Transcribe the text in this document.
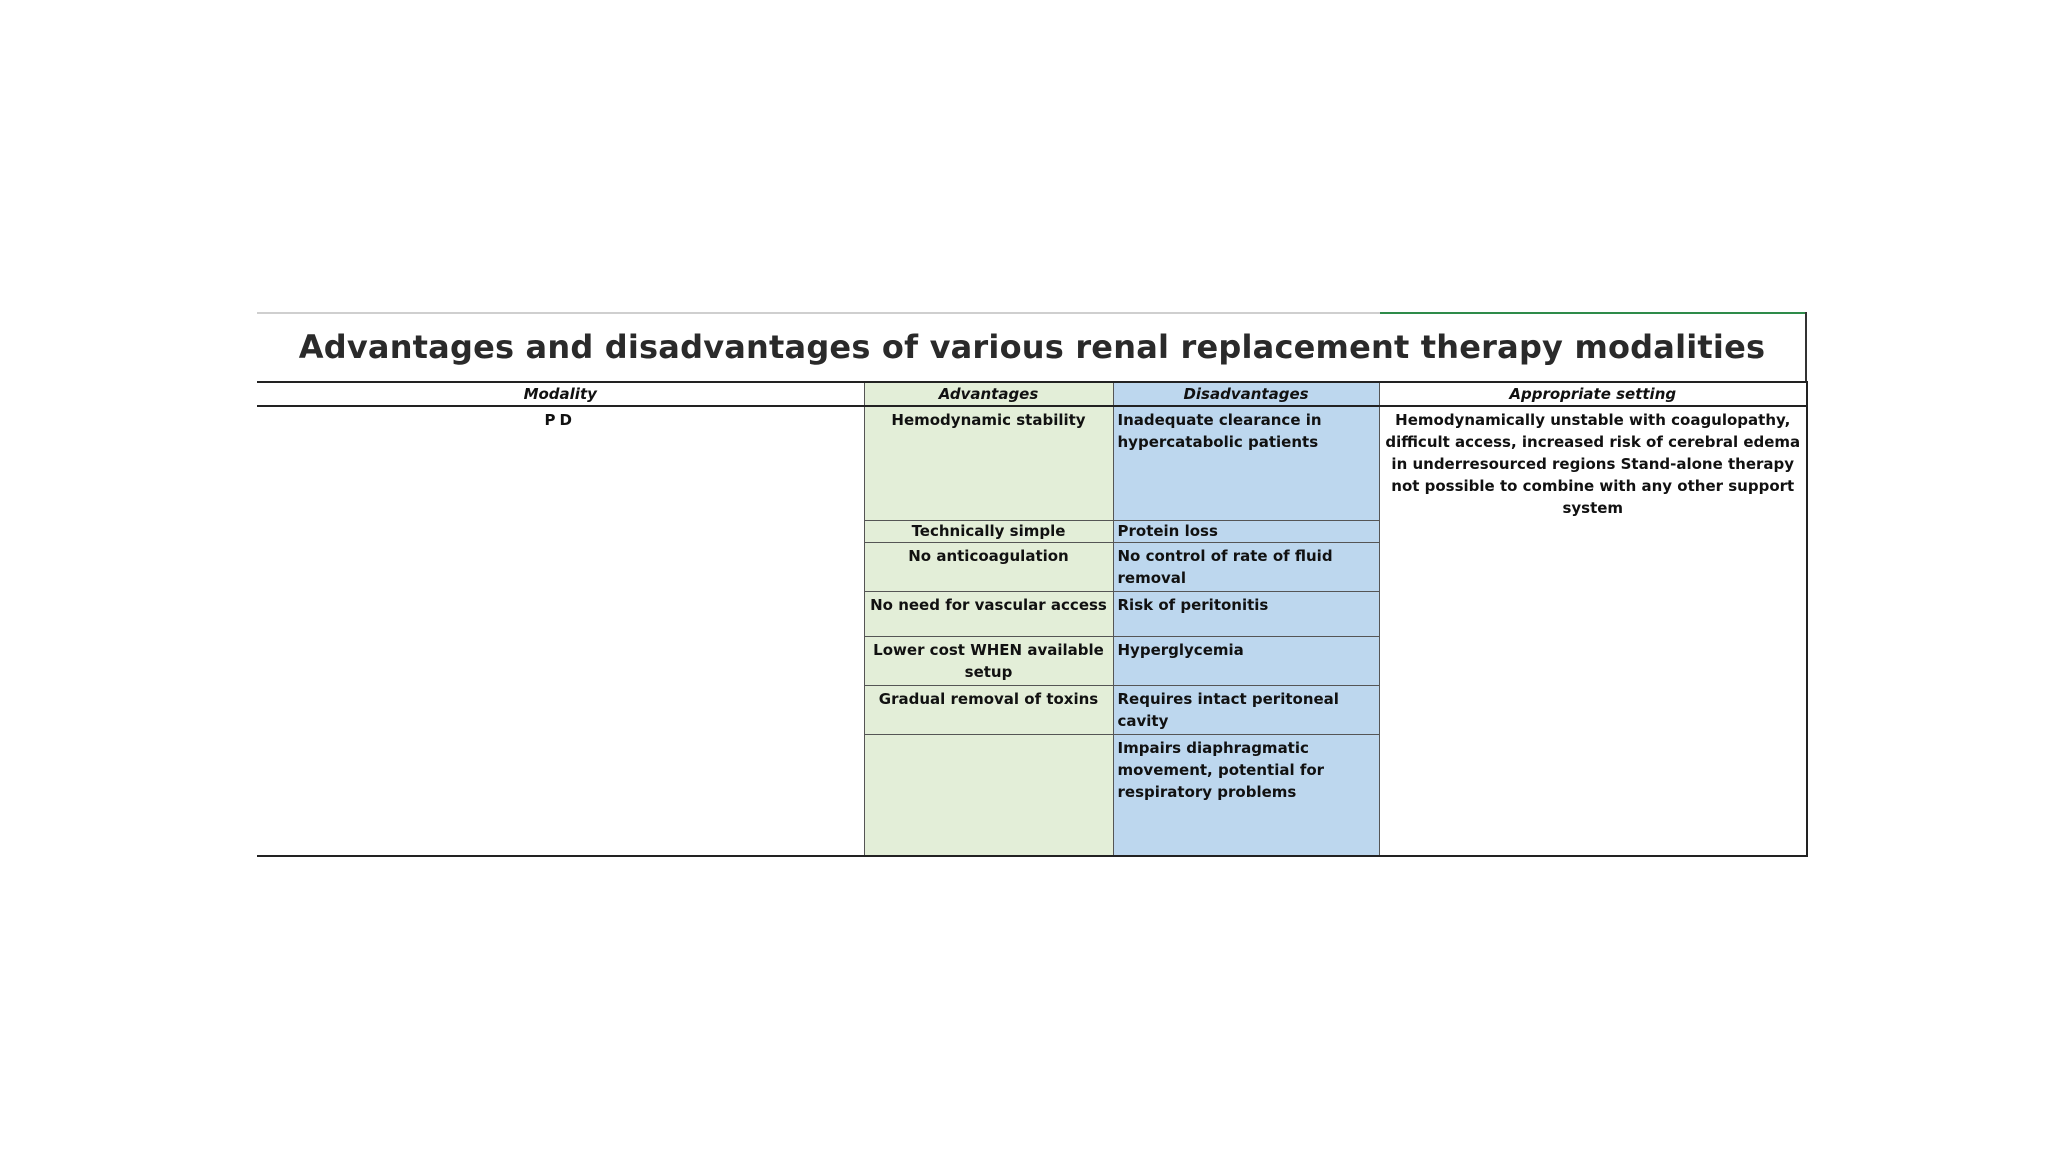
Advantages and disadvantages of various renal replacement therapy modalities
Modality	Advantages	Disadvantages	Appropriate setting
PD	Hemodynamic stability	Inadequate clearance in hypercatabolic patients	Hemodynamically unstable with coagulopathy, difficult access, increased risk of cerebral edema in underresourced regions Stand-alone therapy not possible to combine with any other support system
	Technically simple	Protein loss	
	No anticoagulation	No control of rate of fluid removal	
	No need for vascular access	Risk of peritonitis	
	Lower cost WHEN available setup	Hyperglycemia	
	Gradual removal of toxins	Requires intact peritoneal cavity	
		Impairs diaphragmatic movement, potential for respiratory problems	
